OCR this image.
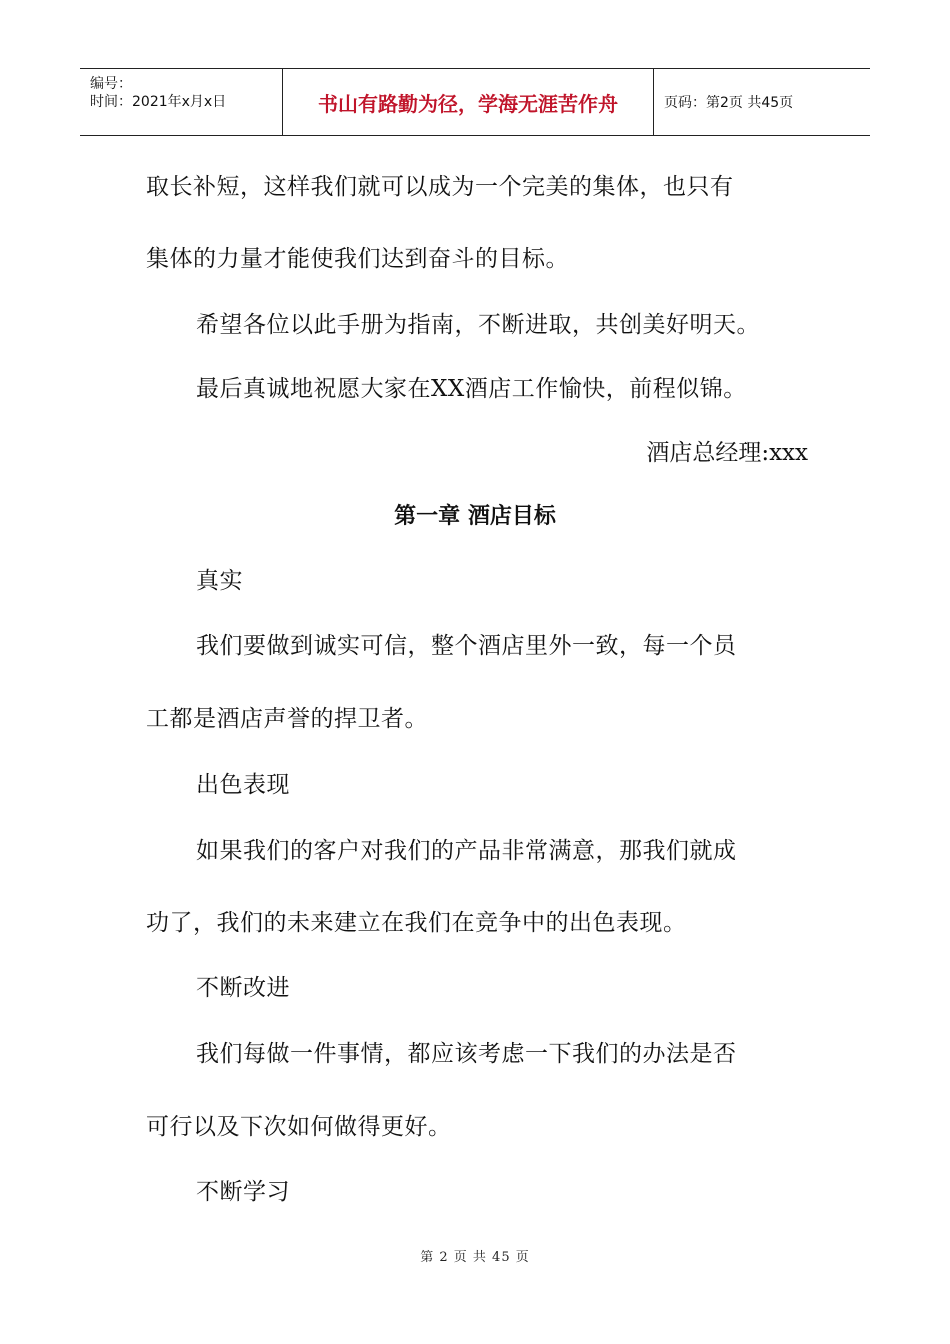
编号：
时间：2021年x月x日	书山有路勤为径，学海无涯苦作舟	页码：第2页 共45页
取长补短，这样我们就可以成为一个完美的集体，也只有
集体的力量才能使我们达到奋斗的目标。
希望各位以此手册为指南，不断进取，共创美好明天。
最后真诚地祝愿大家在XX酒店工作愉快，前程似锦。
酒店总经理:xxx
第一章 酒店目标
真实
我们要做到诚实可信，整个酒店里外一致，每一个员
工都是酒店声誉的捍卫者。
出色表现
如果我们的客户对我们的产品非常满意，那我们就成
功了，我们的未来建立在我们在竞争中的出色表现。
不断改进
我们每做一件事情，都应该考虑一下我们的办法是否
可行以及下次如何做得更好。
不断学习
第 2 页 共 45 页
